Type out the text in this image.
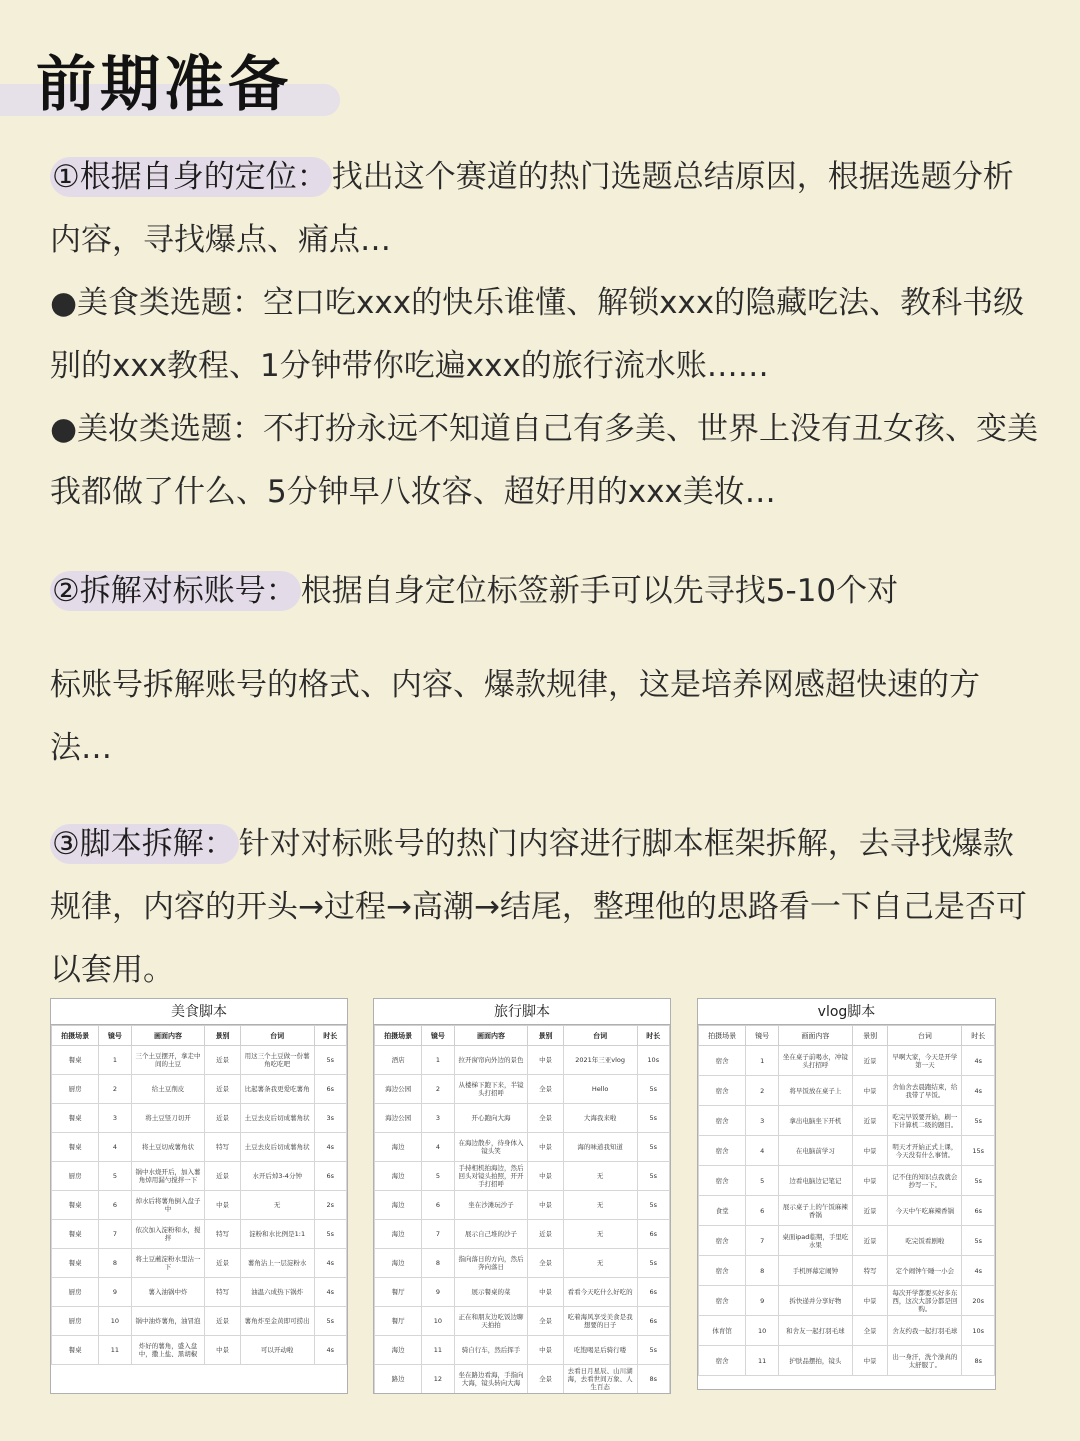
前期准备
①根据自身的定位： 找出这个赛道的热门选题总结原因，根据选题分析内容，寻找爆点、痛点…
●美食类选题：空口吃xxx的快乐谁懂、解锁xxx的隐藏吃法、教科书级别的xxx教程、1分钟带你吃遍xxx的旅行流水账……
●美妆类选题：不打扮永远不知道自己有多美、世界上没有丑女孩、变美我都做了什么、5分钟早八妆容、超好用的xxx美妆…
②拆解对标账号： 根据自身定位标签新手可以先寻找5-10个对
标账号拆解账号的格式、内容、爆款规律，这是培养网感超快速的方法…
③脚本拆解： 针对对标账号的热门内容进行脚本框架拆解，去寻找爆款规律，内容的开头→过程→高潮→结尾，整理他的思路看一下自己是否可以套用。
美食脚本
拍摄场景	镜号	画面内容	景别	台词	时长
餐桌	1	三个土豆摆开，拿走中间的土豆	近景	用这三个土豆做一份薯角吃吃吧	5s
厨房	2	给土豆削皮	近景	比起薯条我更爱吃薯角	6s
餐桌	3	将土豆竖刀切开	近景	土豆去皮后切成薯角状	3s
餐桌	4	将土豆切成薯角状	特写	土豆去皮后切成薯角状	4s
厨房	5	锅中水烧开后，加入薯角焯用漏勺搅拌一下	近景	水开后焯3-4分钟	6s
餐桌	6	焯水后将薯角倒入盘子中	中景	无	2s
餐桌	7	依次加入淀粉和水，搅拌	特写	淀粉和水比例是1:1	5s
餐桌	8	将土豆蘸淀粉水里沾一下	近景	薯角沾上一层淀粉水	4s
厨房	9	薯入油锅中炸	特写	油温六成热下锅炸	4s
厨房	10	锅中油炸薯角，油冒泡	近景	薯角炸至金黄即可捞出	5s
餐桌	11	炸好的薯角，盛入盘中，撒上盐、黑胡椒	中景	可以开动啦	4s
旅行脚本
拍摄场景	镜号	画面内容	景别	台词	时长
酒店	1	拉开窗帘向外边的景色	中景	2021年三亚vlog	10s
海边公园	2	从楼梯下跑下来，半镜头打招呼	全景	Hello	5s
海边公园	3	开心跑向大海	全景	大海我来啦	5s
海边	4	在海边散步，待身体入镜头笑	中景	海的味道我知道	5s
海边	5	手持相机拍海边，然后回头对镜头拍照，开开手打招呼	中景	无	5s
海边	6	坐在沙滩玩沙子	中景	无	5s
海边	7	展示自己堆的沙子	近景	无	6s
海边	8	指向落日的方向，然后奔向落日	全景	无	5s
餐厅	9	展示餐桌的菜	中景	看看今天吃什么好吃的	6s
餐厅	10	正在和朋友边吃饭边聊天拍拍	全景	吃着海风享受美食是我想要的日子	6s
海边	11	骑自行车，然后挥手	中景	吃饱喝足后骑行喽	5s
路边	12	坐在路边看海，手指向大海，镜头转向大海	全景	去看日月星辰、山川湖海，去看世间万象、人生百态	8s
vlog脚本
拍摄场景	镜号	画面内容	景别	台词	时长
宿舍	1	坐在桌子前喝水，冲镜头打招呼	近景	早啊大家，今天是开学第一天	4s
宿舍	2	将早饭放在桌子上	中景	舍仙舍去晨跑结束，给我带了早饭。	4s
宿舍	3	拿出电脑坐下开机	近景	吃完早饭要开始，刷一下计算机二级的题目。	5s
宿舍	4	在电脑前学习	中景	明天才开始正式上课，今天没有什么事情。	15s
宿舍	5	边看电脑边记笔记	中景	记不住的知识点我就会抄写一下。	5s
食堂	6	展示桌子上的午饭麻辣香锅	近景	今天中午吃麻辣香锅	6s
宿舍	7	桌面ipad临期，手里吃水果	近景	吃完饭看剧啦	5s
宿舍	8	手机屏幕定闹钟	特写	定个闹钟午睡一小会	4s
宿舍	9	拆快递并分享好物	中景	每次开学都要买好多东西，这次大部分都是回购。	20s
体育馆	10	和舍友一起打羽毛球	全景	舍友约我一起打羽毛球	10s
宿舍	11	护肤品摆拍，镜头	中景	出一身汗，洗个澡真的太舒服了。	8s
